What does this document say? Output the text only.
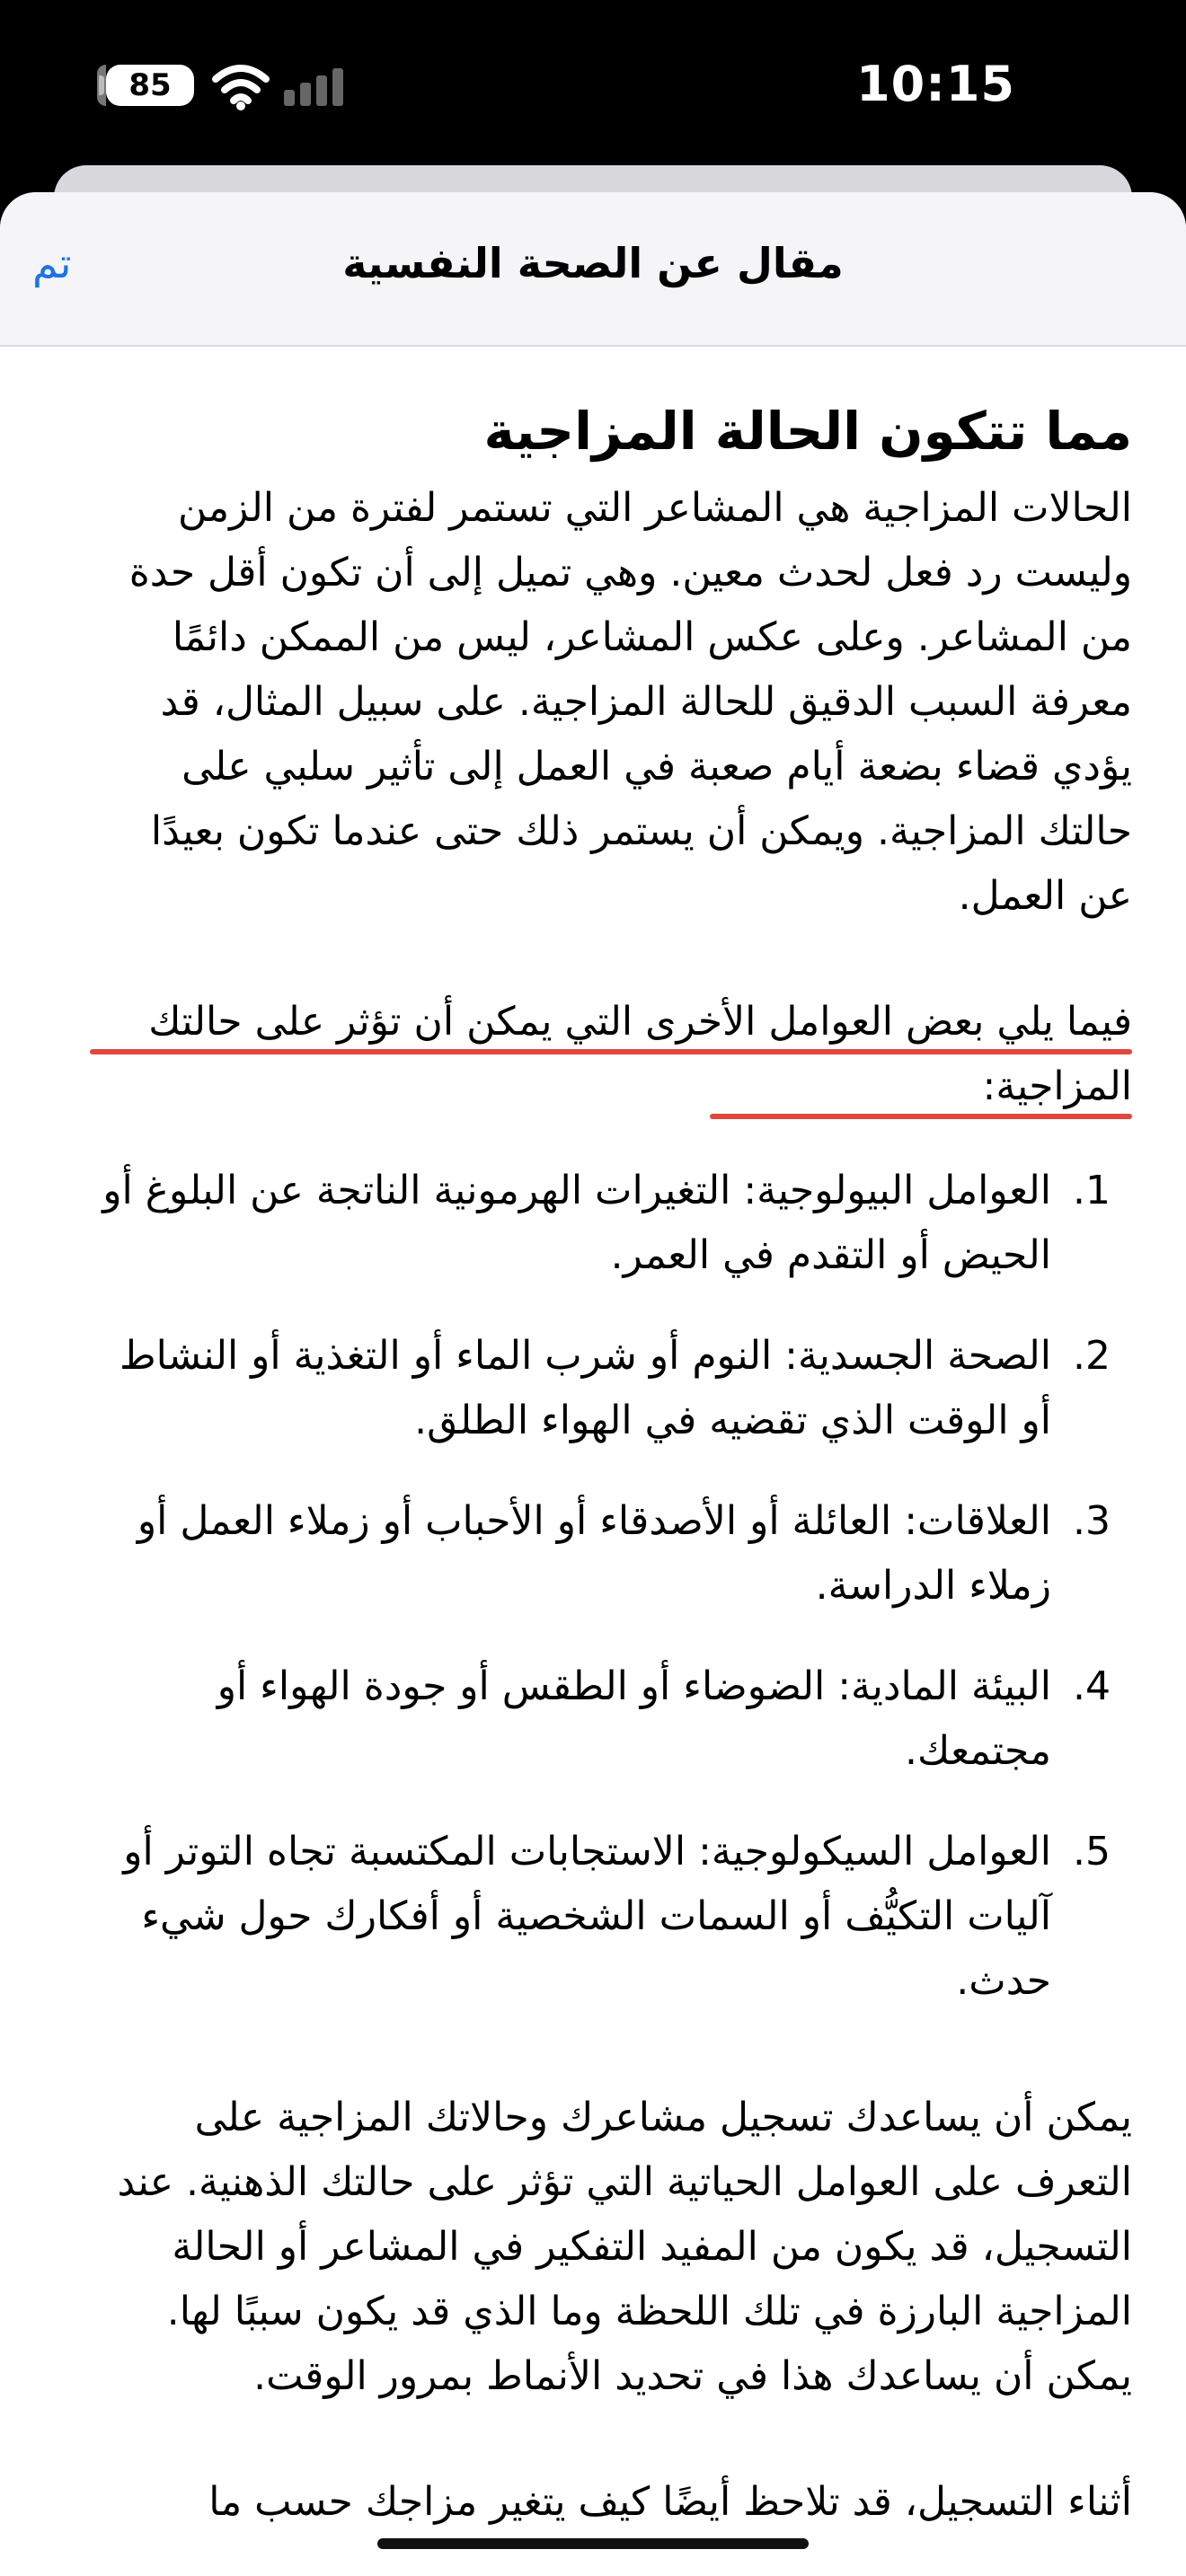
85	10:15
مقال عن الصحة النفسية
تم
مما تتكون الحالة المزاجية

الحالات المزاجية هي المشاعر التي تستمر لفترة من الزمن وليست رد فعل لحدث معين. وهي تميل إلى أن تكون أقل حدة من المشاعر. وعلى عكس المشاعر، ليس من الممكن دائمًا معرفة السبب الدقيق للحالة المزاجية. على سبيل المثال، قد يؤدي قضاء بضعة أيام صعبة في العمل إلى تأثير سلبي على حالتك المزاجية. ويمكن أن يستمر ذلك حتى عندما تكون بعيدًا عن العمل.

فيما يلي بعض العوامل الأخرى التي يمكن أن تؤثر على حالتك المزاجية:

1. العوامل البيولوجية: التغيرات الهرمونية الناتجة عن البلوغ أو الحيض أو التقدم في العمر.
2. الصحة الجسدية: النوم أو شرب الماء أو التغذية أو النشاط أو الوقت الذي تقضيه في الهواء الطلق.
3. العلاقات: العائلة أو الأصدقاء أو الأحباب أو زملاء العمل أو زملاء الدراسة.
4. البيئة المادية: الضوضاء أو الطقس أو جودة الهواء أو مجتمعك.
5. العوامل السيكولوجية: الاستجابات المكتسبة تجاه التوتر أو آليات التكيُّف أو السمات الشخصية أو أفكارك حول شيء حدث.

يمكن أن يساعدك تسجيل مشاعرك وحالاتك المزاجية على التعرف على العوامل الحياتية التي تؤثر على حالتك الذهنية. عند التسجيل، قد يكون من المفيد التفكير في المشاعر أو الحالة المزاجية البارزة في تلك اللحظة وما الذي قد يكون سببًا لها. يمكن أن يساعدك هذا في تحديد الأنماط بمرور الوقت.

أثناء التسجيل، قد تلاحظ أيضًا كيف يتغير مزاجك حسب ما
